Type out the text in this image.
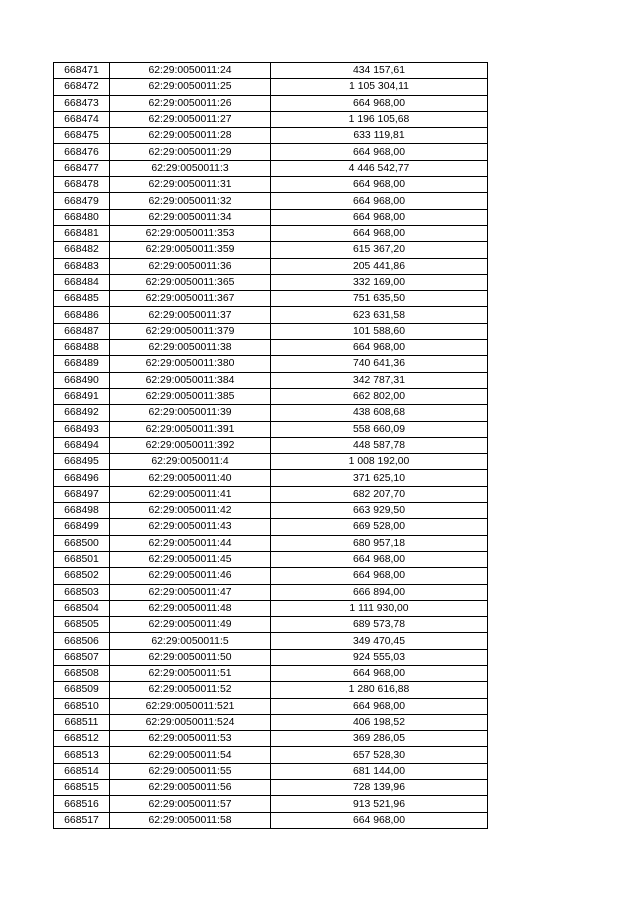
668471	62:29:0050011:24	434 157,61
668472	62:29:0050011:25	1 105 304,11
668473	62:29:0050011:26	664 968,00
668474	62:29:0050011:27	1 196 105,68
668475	62:29:0050011:28	633 119,81
668476	62:29:0050011:29	664 968,00
668477	62:29:0050011:3	4 446 542,77
668478	62:29:0050011:31	664 968,00
668479	62:29:0050011:32	664 968,00
668480	62:29:0050011:34	664 968,00
668481	62:29:0050011:353	664 968,00
668482	62:29:0050011:359	615 367,20
668483	62:29:0050011:36	205 441,86
668484	62:29:0050011:365	332 169,00
668485	62:29:0050011:367	751 635,50
668486	62:29:0050011:37	623 631,58
668487	62:29:0050011:379	101 588,60
668488	62:29:0050011:38	664 968,00
668489	62:29:0050011:380	740 641,36
668490	62:29:0050011:384	342 787,31
668491	62:29:0050011:385	662 802,00
668492	62:29:0050011:39	438 608,68
668493	62:29:0050011:391	558 660,09
668494	62:29:0050011:392	448 587,78
668495	62:29:0050011:4	1 008 192,00
668496	62:29:0050011:40	371 625,10
668497	62:29:0050011:41	682 207,70
668498	62:29:0050011:42	663 929,50
668499	62:29:0050011:43	669 528,00
668500	62:29:0050011:44	680 957,18
668501	62:29:0050011:45	664 968,00
668502	62:29:0050011:46	664 968,00
668503	62:29:0050011:47	666 894,00
668504	62:29:0050011:48	1 111 930,00
668505	62:29:0050011:49	689 573,78
668506	62:29:0050011:5	349 470,45
668507	62:29:0050011:50	924 555,03
668508	62:29:0050011:51	664 968,00
668509	62:29:0050011:52	1 280 616,88
668510	62:29:0050011:521	664 968,00
668511	62:29:0050011:524	406 198,52
668512	62:29:0050011:53	369 286,05
668513	62:29:0050011:54	657 528,30
668514	62:29:0050011:55	681 144,00
668515	62:29:0050011:56	728 139,96
668516	62:29:0050011:57	913 521,96
668517	62:29:0050011:58	664 968,00
